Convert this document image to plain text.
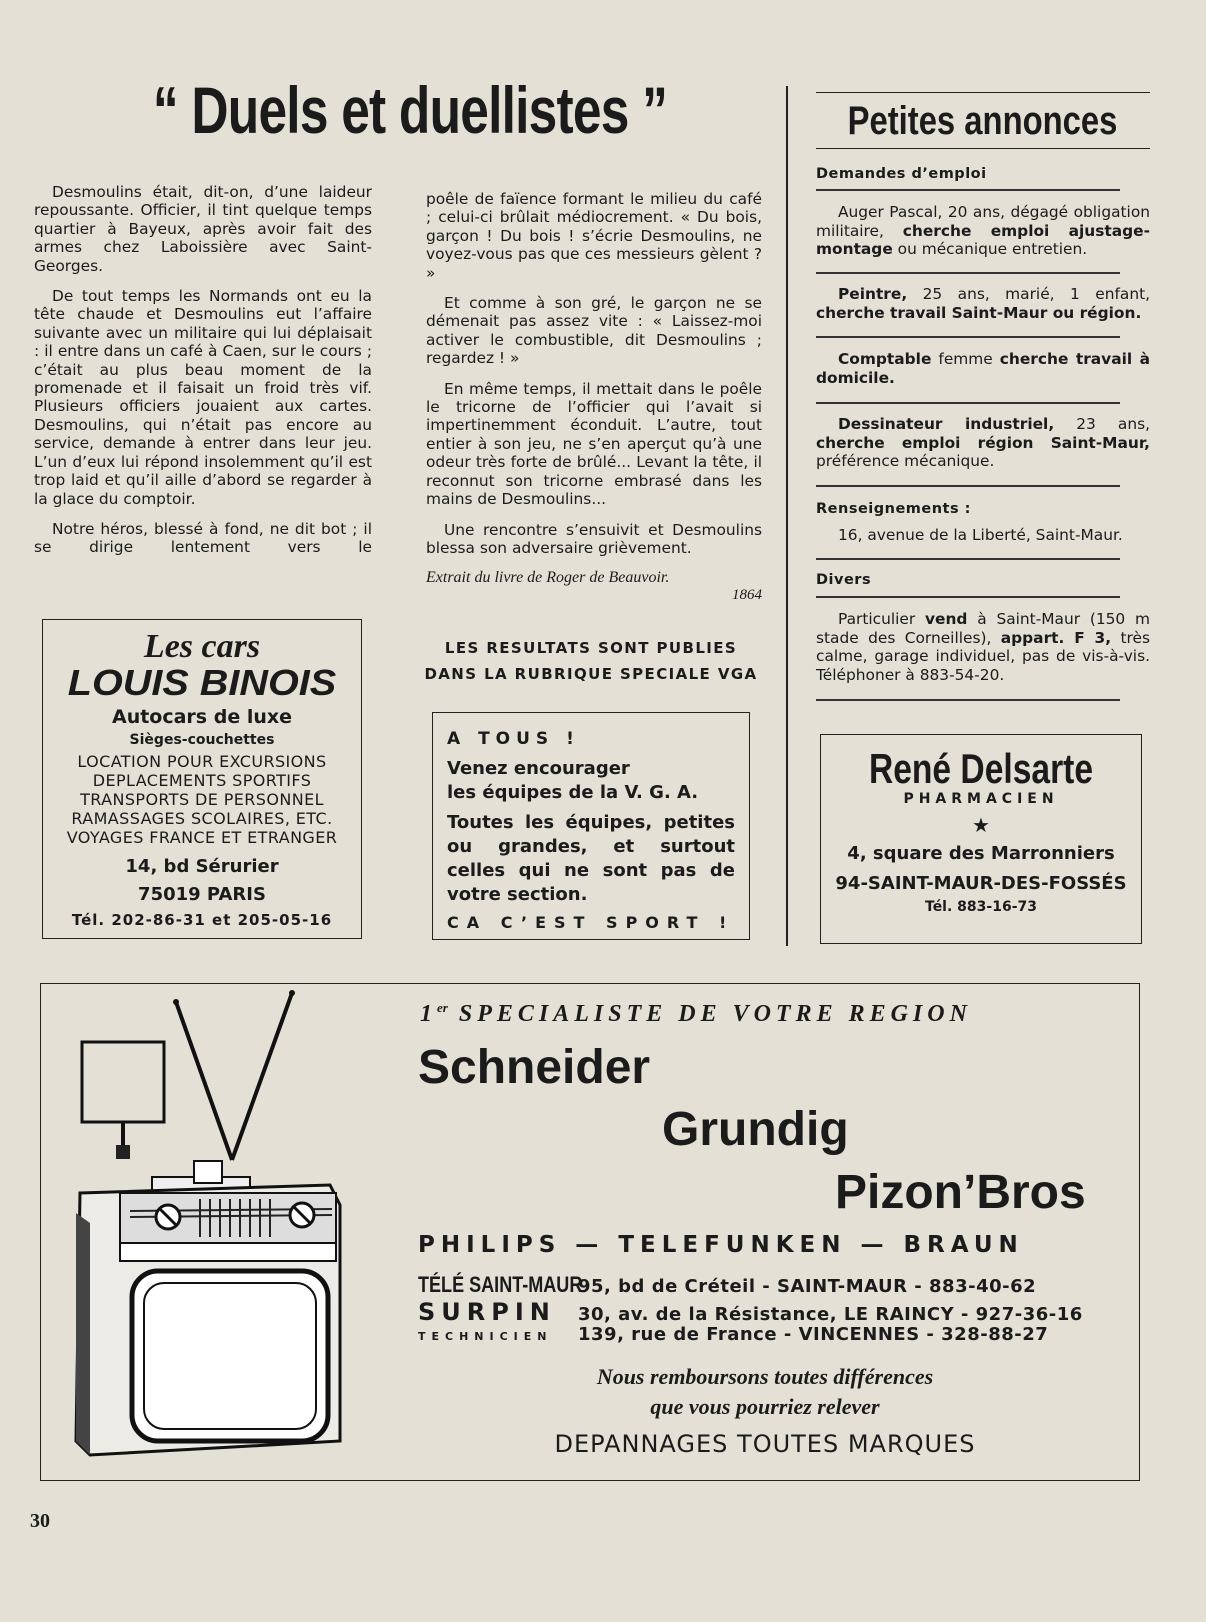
“ Duels et duellistes ”

Desmoulins était, dit-on, d’une laideur repoussante. Officier, il tint quelque temps quartier à Bayeux, après avoir fait des armes chez Laboissière avec Saint-Georges.

De tout temps les Normands ont eu la tête chaude et Desmoulins eut l’affaire suivante avec un militaire qui lui déplaisait : il entre dans un café à Caen, sur le cours ; c’était au plus beau moment de la promenade et il faisait un froid très vif. Plusieurs officiers jouaient aux cartes. Desmoulins, qui n’était pas encore au service, demande à entrer dans leur jeu. L’un d’eux lui répond insolemment qu’il est trop laid et qu’il aille d’abord se regarder à la glace du comptoir.

Notre héros, blessé à fond, ne dit bot ; il se dirige lentement vers le

poêle de faïence formant le milieu du café ; celui-ci brûlait médiocrement. « Du bois, garçon ! Du bois ! s’écrie Desmoulins, ne voyez-vous pas que ces messieurs gèlent ? »

Et comme à son gré, le garçon ne se démenait pas assez vite : « Laissez-moi activer le combustible, dit Desmoulins ; regardez ! »

En même temps, il mettait dans le poêle le tricorne de l’officier qui l’avait si impertinemment éconduit. L’autre, tout entier à son jeu, ne s’en aperçut qu’à une odeur très forte de brûlé... Levant la tête, il reconnut son tricorne embrasé dans les mains de Desmoulins...

Une rencontre s’ensuivit et Desmoulins blessa son adversaire grièvement.

Extrait du livre de Roger de Beauvoir.

1864
LES RESULTATS SONT PUBLIES
DANS LA RUBRIQUE SPECIALE VGA
Les cars
LOUIS BINOIS
Autocars de luxe
Sièges-couchettes
LOCATION POUR EXCURSIONS
DEPLACEMENTS SPORTIFS
TRANSPORTS DE PERSONNEL
RAMASSAGES SCOLAIRES, ETC.
VOYAGES FRANCE ET ETRANGER
14, bd Sérurier
75019 PARIS
Tél. 202-86-31 et 205-05-16
A TOUS !
Venez encourager
les équipes de la V. G. A.
Toutes les équipes, petites ou grandes, et surtout celles qui ne sont pas de votre section.
CA C’EST SPORT !
Petites annonces
Demandes d’emploi
Auger Pascal, 20 ans, dégagé obligation militaire, cherche emploi ajustage-montage ou mécanique entretien.
Peintre, 25 ans, marié, 1 enfant, cherche travail Saint-Maur ou région.
Comptable femme cherche travail à domicile.
Dessinateur industriel, 23 ans, cherche emploi région Saint-Maur, préférence mécanique.
Renseignements :
16, avenue de la Liberté, Saint-Maur.
Divers
Particulier vend à Saint-Maur (150 m stade des Corneilles), appart. F 3, très calme, garage individuel, pas de vis-à-vis. Téléphoner à 883-54-20.
René Delsarte
PHARMACIEN
★
4, square des Marronniers
94-SAINT-MAUR-DES-FOSSÉS
Tél. 883-16-73
1er SPECIALISTE DE VOTRE REGION
Schneider
Grundig
Pizon’Bros
PHILIPS — TELEFUNKEN — BRAUN
TÉLÉ SAINT-MAUR
95, bd de Créteil - SAINT-MAUR - 883-40-62
SURPIN	30, av. de la Résistance, LE RAINCY - 927-36-16
TECHNICIEN	139, rue de France - VINCENNES - 328-88-27
Nous remboursons toutes différences
que vous pourriez relever
DEPANNAGES TOUTES MARQUES
30
